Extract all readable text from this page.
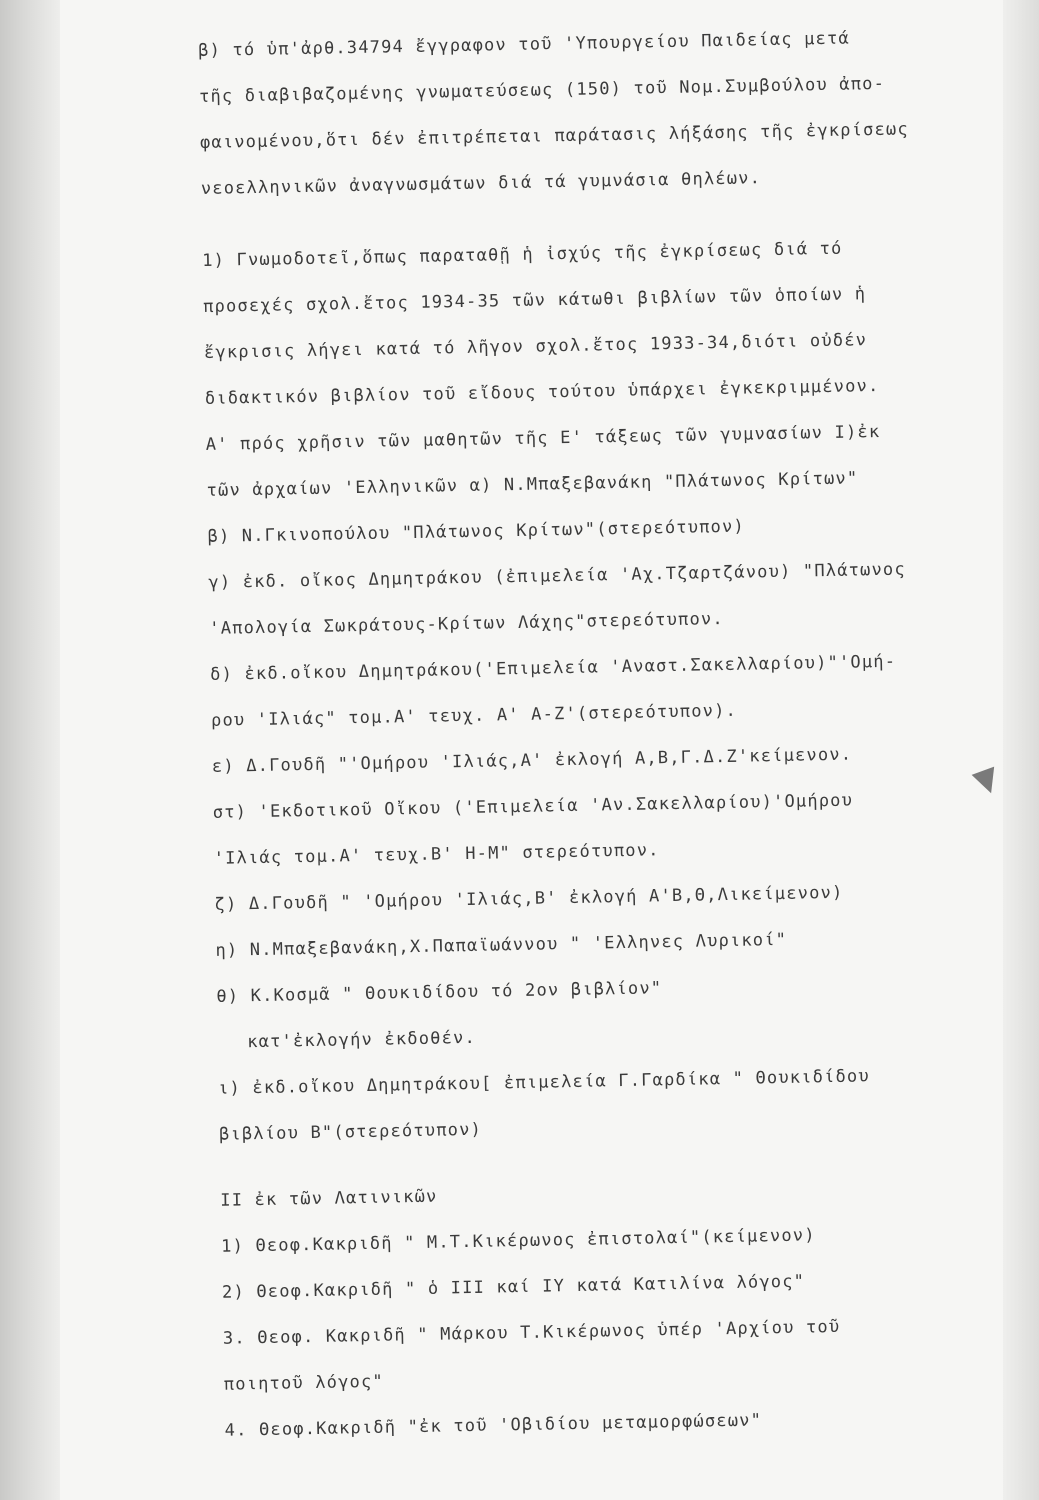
β) τό ὑπ'ἀρθ.34794 ἔγγραφον τοῦ 'Υπουργείου Παιδείας μετά
τῆς διαβιβαζομένης γνωματεύσεως (150) τοῦ Νομ.Συμβούλου ἀπο-
φαινομένου,ὅτι δέν ἐπιτρέπεται παράτασις λήξάσης τῆς ἐγκρίσεως
νεοελληνικῶν ἀναγνωσμάτων διά τά γυμνάσια θηλέων.
1) Γνωμοδοτεῖ,ὅπως παραταθῇ ἡ ἰσχύς τῆς ἐγκρίσεως διά τό
προσεχές σχολ.ἔτος 1934-35 τῶν κάτωθι βιβλίων τῶν ὁποίων ἡ
ἔγκρισις λήγει κατά τό λῆγον σχολ.ἔτος 1933-34,διότι οὐδέν
διδακτικόν βιβλίον τοῦ εἴδους τούτου ὑπάρχει ἐγκεκριμμένον.
Α' πρός χρῆσιν τῶν μαθητῶν τῆς Ε' τάξεως τῶν γυμνασίων Ι)ἐκ
τῶν ἀρχαίων 'Ελληνικῶν α) Ν.Μπαξεβανάκη "Πλάτωνος Κρίτων"
β) Ν.Γκινοπούλου "Πλάτωνος Κρίτων"(στερεότυπον)
γ) ἐκδ. οἴκος Δημητράκου (ἐπιμελεία 'Αχ.Τζαρτζάνου) "Πλάτωνος
'Απολογία Σωκράτους-Κρίτων Λάχης"στερεότυπον.
δ) ἐκδ.οἴκου Δημητράκου('Επιμελεία 'Αναστ.Σακελλαρίου)"'Ομή-
ρου 'Ιλιάς" τομ.Α' τευχ. Α' Α-Ζ'(στερεότυπον).
ε) Δ.Γουδῆ "'Ομήρου 'Ιλιάς,Α' ἐκλογή Α,Β,Γ.Δ.Ζ'κείμενον.
στ) 'Εκδοτικοῦ Οἴκου ('Επιμελεία 'Αν.Σακελλαρίου)'Ομήρου
'Ιλιάς τομ.Α' τευχ.Β' Η-Μ" στερεότυπον.
ζ) Δ.Γουδῆ " 'Ομήρου 'Ιλιάς,Β' ἐκλογή Α'Β,Θ,Λικείμενον)
η) Ν.Μπαξεβανάκη,Χ.Παπαϊωάννου " 'Ελληνες Λυρικοί"
θ) Κ.Κοσμᾶ " Θουκιδίδου τό 2ον βιβλίον"
κατ'ἐκλογήν ἐκδοθέν.
ι) ἐκδ.οἴκου Δημητράκου[ ἐπιμελεία Γ.Γαρδίκα " Θουκιδίδου
βιβλίου Β"(στερεότυπον)
ΙΙ ἐκ τῶν Λατινικῶν
1) Θεοφ.Κακριδῆ " Μ.Τ.Κικέρωνος ἐπιστολαί"(κείμενον)
2) Θεοφ.Κακριδῆ " ὁ ΙΙΙ καί ΙΥ κατά Κατιλίνα λόγος"
3. Θεοφ. Κακριδῆ " Μάρκου Τ.Κικέρωνος ὑπέρ 'Αρχίου τοῦ
ποιητοῦ λόγος"
4. Θεοφ.Κακριδῆ "ἐκ τοῦ 'Οβιδίου μεταμορφώσεων"
